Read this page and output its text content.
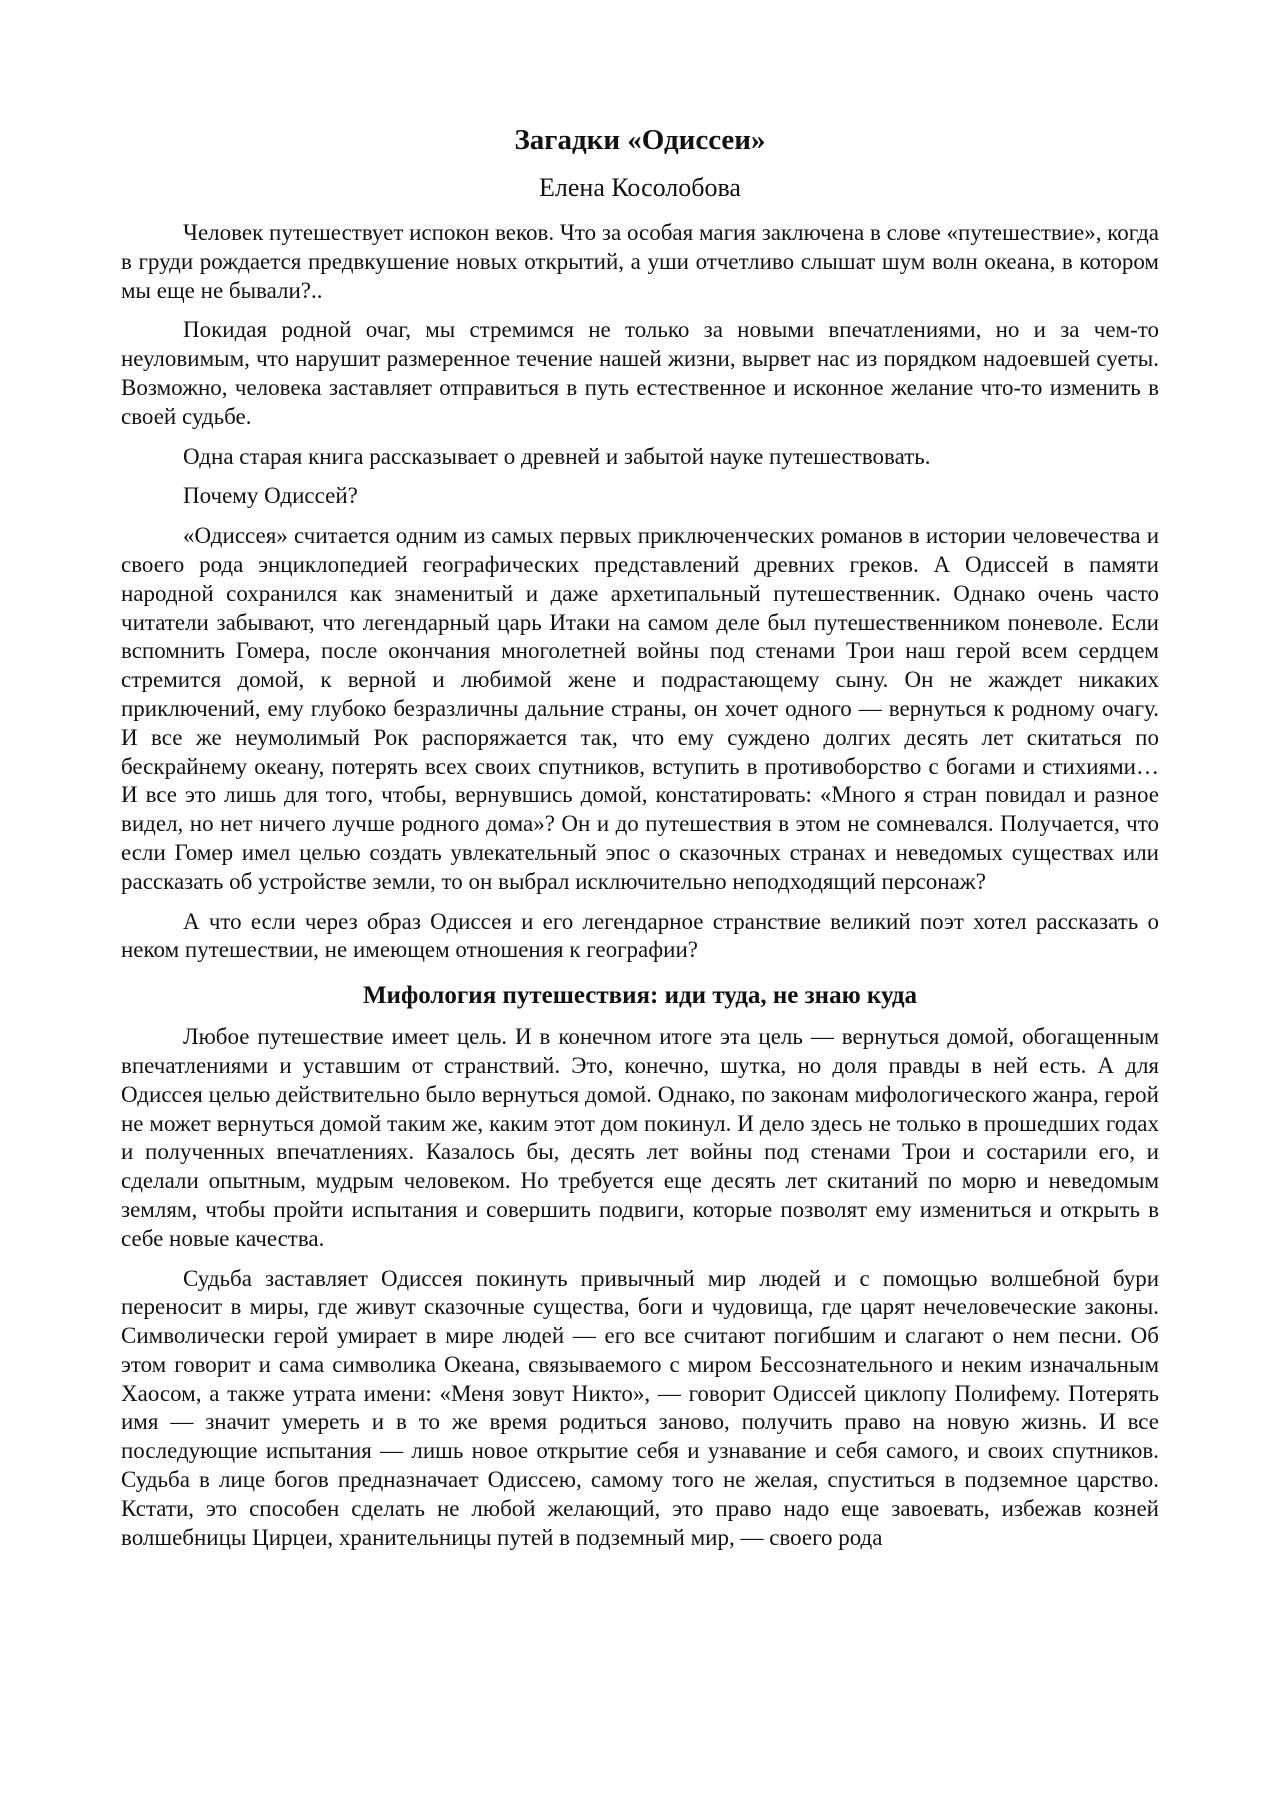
Загадки «Одиссеи»
Елена Косолобова

Человек путешествует испокон веков. Что за особая магия заключена в слове «путешествие», когда в груди рождается предвкушение новых открытий, а уши отчетливо слышат шум волн океана, в котором мы еще не бывали?..

Покидая родной очаг, мы стремимся не только за новыми впечатлениями, но и за чем-то неуловимым, что нарушит размеренное течение нашей жизни, вырвет нас из порядком надоевшей суеты. Возможно, человека заставляет отправиться в путь естественное и исконное желание что-то изменить в своей судьбе.

Одна старая книга рассказывает о древней и забытой науке путешествовать.

Почему Одиссей?

«Одиссея» считается одним из самых первых приключенческих романов в истории человечества и своего рода энциклопедией географических представлений древних греков. А Одиссей в памяти народной сохранился как знаменитый и даже архетипальный путешественник. Однако очень часто читатели забывают, что легендарный царь Итаки на самом деле был путешественником поневоле. Если вспомнить Гомера, после окончания многолетней войны под стенами Трои наш герой всем сердцем стремится домой, к верной и любимой жене и подрастающему сыну. Он не жаждет никаких приключений, ему глубоко безразличны дальние страны, он хочет одного — вернуться к родному очагу. И все же неумолимый Рок распоряжается так, что ему суждено долгих десять лет скитаться по бескрайнему океану, потерять всех своих спутников, вступить в противоборство с богами и стихиями… И все это лишь для того, чтобы, вернувшись домой, констатировать: «Много я стран повидал и разное видел, но нет ничего лучше родного дома»? Он и до путешествия в этом не сомневался. Получается, что если Гомер имел целью создать увлекательный эпос о сказочных странах и неведомых существах или рассказать об устройстве земли, то он выбрал исключительно неподходящий персонаж?

А что если через образ Одиссея и его легендарное странствие великий поэт хотел рассказать о неком путешествии, не имеющем отношения к географии?

Мифология путешествия: иди туда, не знаю куда

Любое путешествие имеет цель. И в конечном итоге эта цель — вернуться домой, обогащенным впечатлениями и уставшим от странствий. Это, конечно, шутка, но доля правды в ней есть. А для Одиссея целью действительно было вернуться домой. Однако, по законам мифологического жанра, герой не может вернуться домой таким же, каким этот дом покинул. И дело здесь не только в прошедших годах и полученных впечатлениях. Казалось бы, десять лет войны под стенами Трои и состарили его, и сделали опытным, мудрым человеком. Но требуется еще десять лет скитаний по морю и неведомым землям, чтобы пройти испытания и совершить подвиги, которые позволят ему измениться и открыть в себе новые качества.

Судьба заставляет Одиссея покинуть привычный мир людей и с помощью волшебной бури переносит в миры, где живут сказочные существа, боги и чудовища, где царят нечеловеческие законы. Символически герой умирает в мире людей — его все считают погибшим и слагают о нем песни. Об этом говорит и сама символика Океана, связываемого с миром Бессознательного и неким изначальным Хаосом, а также утрата имени: «Меня зовут Никто», — говорит Одиссей циклопу Полифему. Потерять имя — значит умереть и в то же время родиться заново, получить право на новую жизнь. И все последующие испытания — лишь новое открытие себя и узнавание и себя самого, и своих спутников. Судьба в лице богов предназначает Одиссею, самому того не желая, спуститься в подземное царство. Кстати, это способен сделать не любой желающий, это право надо еще завоевать, избежав козней волшебницы Цирцеи, хранительницы путей в подземный мир, — своего рода
